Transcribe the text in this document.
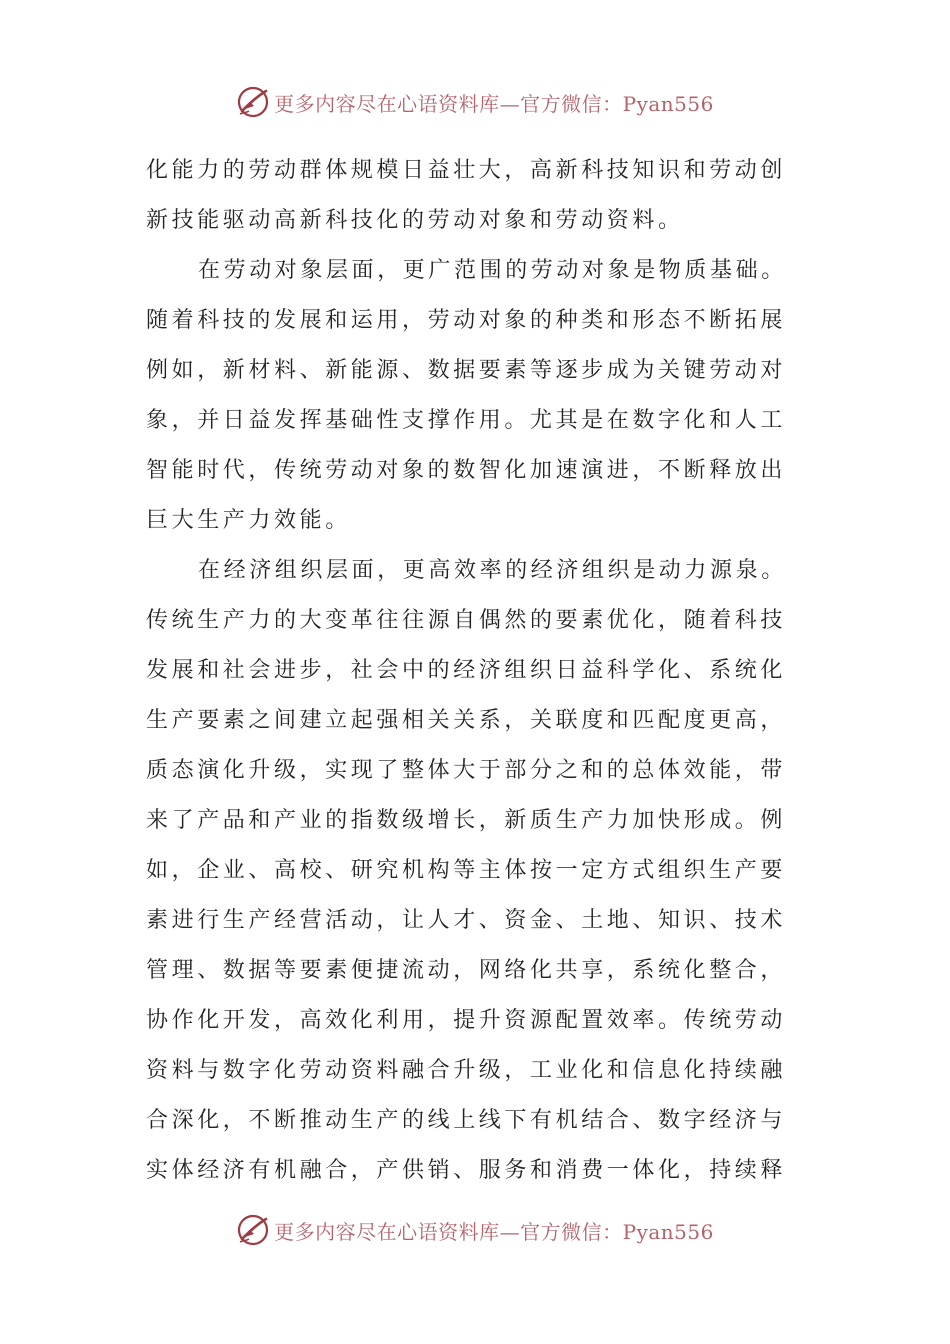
更多内容尽在心语资料库—官方微信：Pyan556

化能力的劳动群体规模日益壮大，高新科技知识和劳动创
新技能驱动高新科技化的劳动对象和劳动资料。

在劳动对象层面，更广范围的劳动对象是物质基础。
随着科技的发展和运用，劳动对象的种类和形态不断拓展
例如，新材料、新能源、数据要素等逐步成为关键劳动对
象，并日益发挥基础性支撑作用。尤其是在数字化和人工
智能时代，传统劳动对象的数智化加速演进，不断释放出
巨大生产力效能。

在经济组织层面，更高效率的经济组织是动力源泉。
传统生产力的大变革往往源自偶然的要素优化，随着科技
发展和社会进步，社会中的经济组织日益科学化、系统化
生产要素之间建立起强相关关系，关联度和匹配度更高，
质态演化升级，实现了整体大于部分之和的总体效能，带
来了产品和产业的指数级增长，新质生产力加快形成。例
如，企业、高校、研究机构等主体按一定方式组织生产要
素进行生产经营活动，让人才、资金、土地、知识、技术
管理、数据等要素便捷流动，网络化共享，系统化整合，
协作化开发，高效化利用，提升资源配置效率。传统劳动
资料与数字化劳动资料融合升级，工业化和信息化持续融
合深化，不断推动生产的线上线下有机结合、数字经济与
实体经济有机融合，产供销、服务和消费一体化，持续释

更多内容尽在心语资料库—官方微信：Pyan556
